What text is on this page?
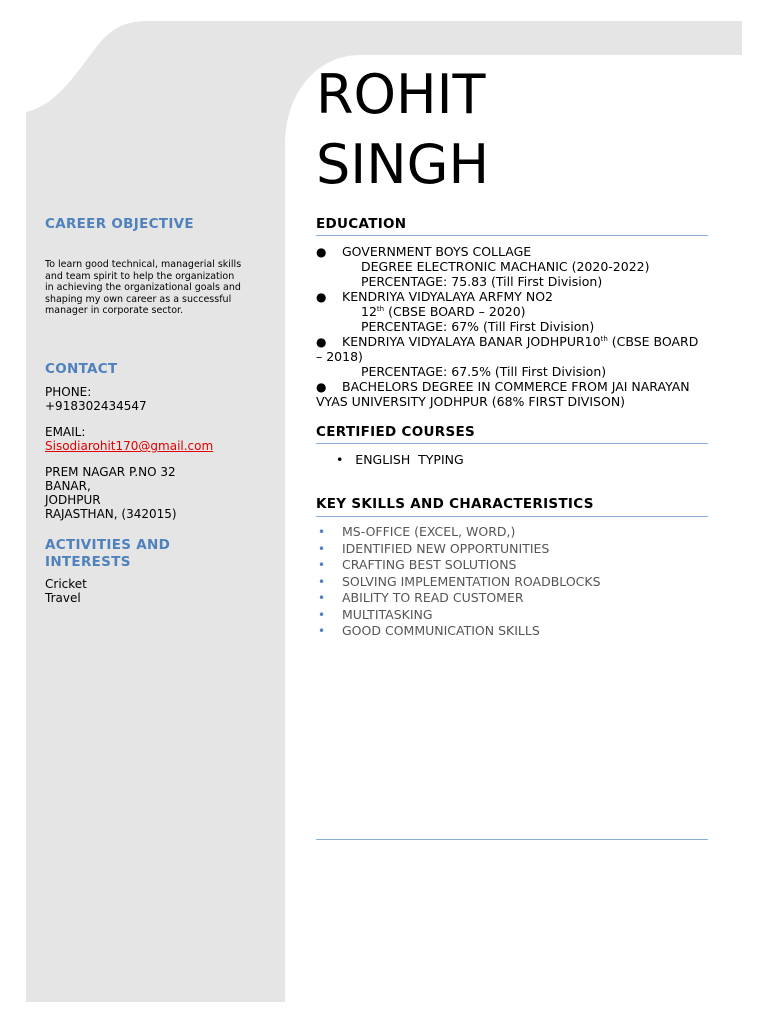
ROHIT
SINGH
CAREER OBJECTIVE
To learn good technical, managerial skills
and team spirit to help the organization
in achieving the organizational goals and
shaping my own career as a successful
manager in corporate sector.
CONTACT
PHONE:
+918302434547
EMAIL:
Sisodiarohit170@gmail.com
PREM NAGAR P.NO 32
BANAR,
JODHPUR
RAJASTHAN, (342015)
ACTIVITIES AND
INTERESTS
Cricket
Travel
EDUCATION
● GOVERNMENT BOYS COLLAGE
DEGREE ELECTRONIC MACHANIC (2020-2022)
PERCENTAGE: 75.83 (Till First Division)
● KENDRIYA VIDYALAYA ARFMY NO2
12th (CBSE BOARD – 2020)
PERCENTAGE: 67% (Till First Division)
● KENDRIYA VIDYALAYA BANAR JODHPUR10th (CBSE BOARD
– 2018)
PERCENTAGE: 67.5% (Till First Division)
● BACHELORS DEGREE IN COMMERCE FROM JAI NARAYAN
VYAS UNIVERSITY JODHPUR (68% FIRST DIVISON)
CERTIFIED COURSES
• ENGLISH  TYPING
KEY SKILLS AND CHARACTERISTICS
• MS-OFFICE (EXCEL, WORD,)
• IDENTIFIED NEW OPPORTUNITIES
• CRAFTING BEST SOLUTIONS
• SOLVING IMPLEMENTATION ROADBLOCKS
• ABILITY TO READ CUSTOMER
• MULTITASKING
• GOOD COMMUNICATION SKILLS
